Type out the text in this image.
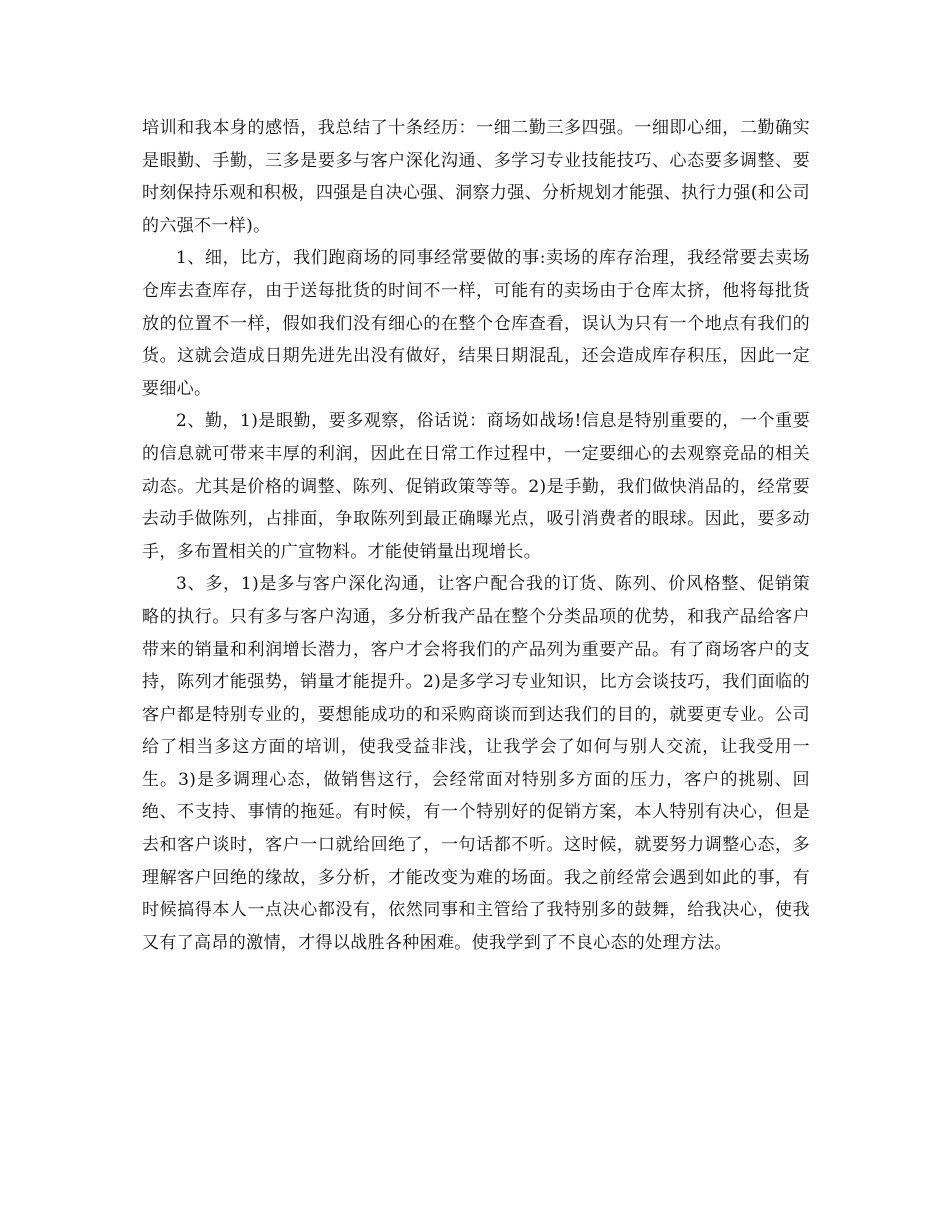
培训和我本身的感悟，我总结了十条经历：一细二勤三多四强。一细即心细，二勤确实是眼勤、手勤，三多是要多与客户深化沟通、多学习专业技能技巧、心态要多调整、要时刻保持乐观和积极，四强是自决心强、洞察力强、分析规划才能强、执行力强(和公司的六强不一样)。

1、细，比方，我们跑商场的同事经常要做的事:卖场的库存治理，我经常要去卖场仓库去查库存，由于送每批货的时间不一样，可能有的卖场由于仓库太挤，他将每批货放的位置不一样，假如我们没有细心的在整个仓库查看，误认为只有一个地点有我们的货。这就会造成日期先进先出没有做好，结果日期混乱，还会造成库存积压，因此一定要细心。

2、勤，1)是眼勤，要多观察，俗话说：商场如战场!信息是特别重要的，一个重要的信息就可带来丰厚的利润，因此在日常工作过程中，一定要细心的去观察竞品的相关动态。尤其是价格的调整、陈列、促销政策等等。2)是手勤，我们做快消品的，经常要去动手做陈列，占排面，争取陈列到最正确曝光点，吸引消费者的眼球。因此，要多动手，多布置相关的广宣物料。才能使销量出现增长。

3、多，1)是多与客户深化沟通，让客户配合我的订货、陈列、价风格整、促销策略的执行。只有多与客户沟通，多分析我产品在整个分类品项的优势，和我产品给客户带来的销量和利润增长潜力，客户才会将我们的产品列为重要产品。有了商场客户的支持，陈列才能强势，销量才能提升。2)是多学习专业知识，比方会谈技巧，我们面临的客户都是特别专业的，要想能成功的和采购商谈而到达我们的目的，就要更专业。公司给了相当多这方面的培训，使我受益非浅，让我学会了如何与别人交流，让我受用一生。3)是多调理心态，做销售这行，会经常面对特别多方面的压力，客户的挑剔、回绝、不支持、事情的拖延。有时候，有一个特别好的促销方案，本人特别有决心，但是去和客户谈时，客户一口就给回绝了，一句话都不听。这时候，就要努力调整心态，多理解客户回绝的缘故，多分析，才能改变为难的场面。我之前经常会遇到如此的事，有时候搞得本人一点决心都没有，依然同事和主管给了我特别多的鼓舞，给我决心，使我又有了高昂的激情，才得以战胜各种困难。使我学到了不良心态的处理方法。
